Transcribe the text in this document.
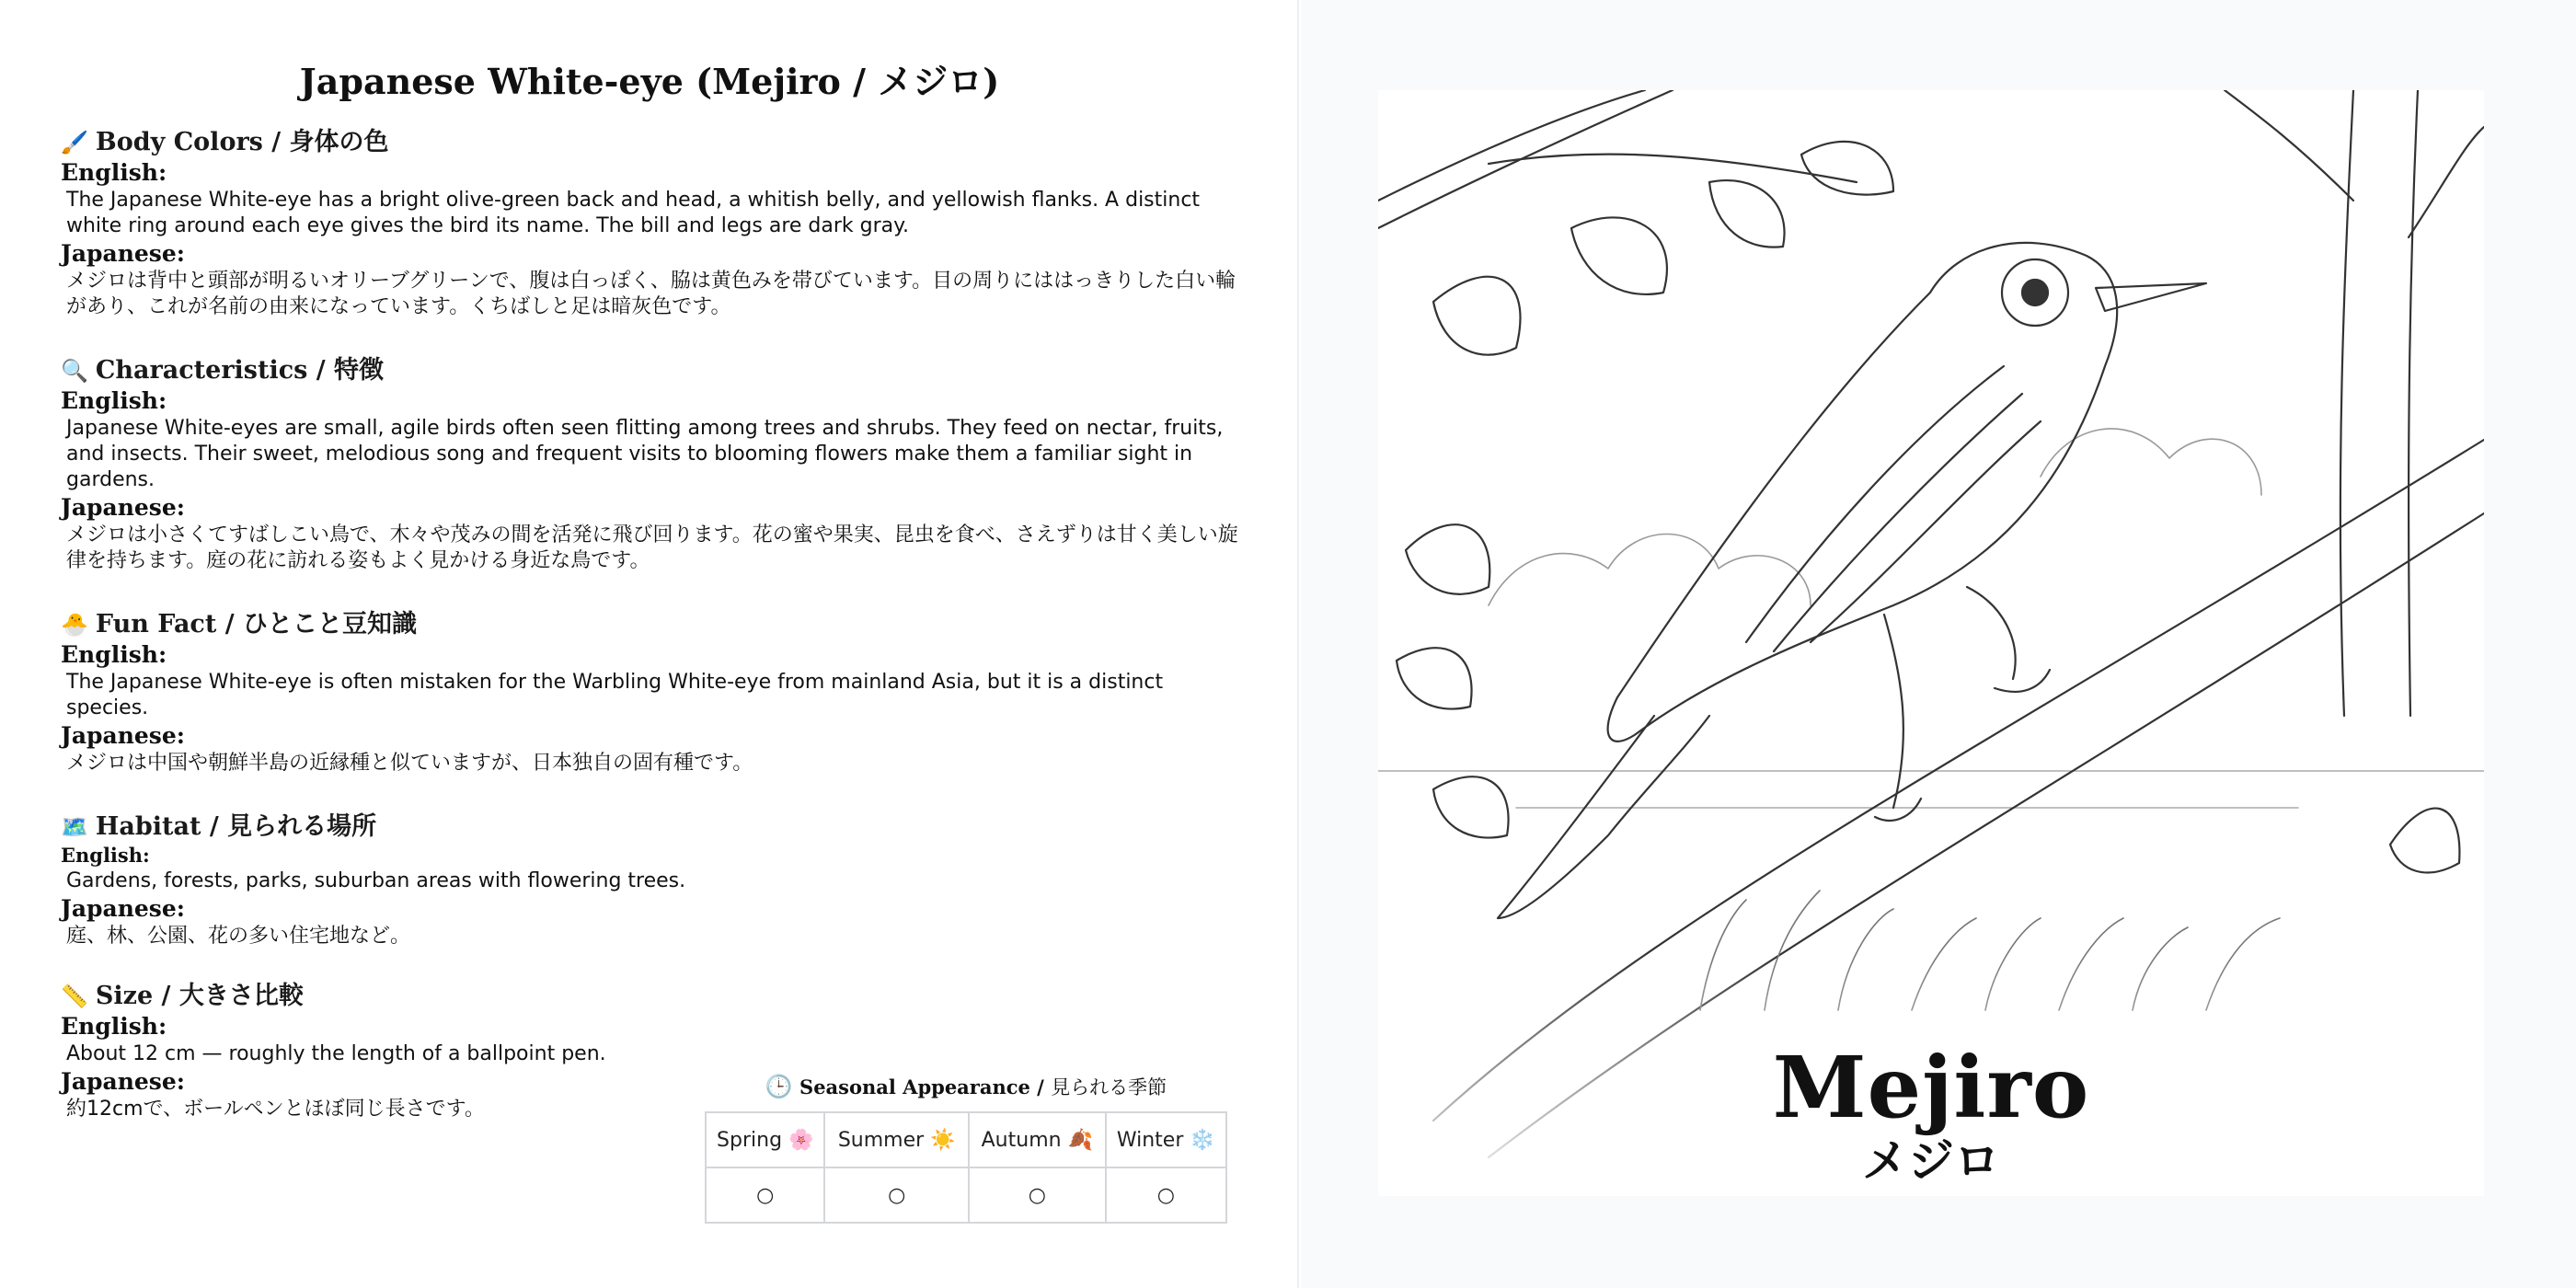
Japanese White-eye (Mejiro / メジロ)
🖌️ Body Colors / 身体の色
English:

The Japanese White-eye has a bright olive-green back and head, a whitish belly, and yellowish flanks. A distinct white ring around each eye gives the bird its name. The bill and legs are dark gray.

Japanese:

メジロは背中と頭部が明るいオリーブグリーンで、腹は白っぽく、脇は黄色みを帯びています。目の周りにははっきりした白い輪があり、これが名前の由来になっています。くちばしと足は暗灰色です。

🔍 Characteristics / 特徴
English:

Japanese White-eyes are small, agile birds often seen flitting among trees and shrubs. They feed on nectar, fruits, and insects. Their sweet, melodious song and frequent visits to blooming flowers make them a familiar sight in gardens.

Japanese:

メジロは小さくてすばしこい鳥で、木々や茂みの間を活発に飛び回ります。花の蜜や果実、昆虫を食べ、さえずりは甘く美しい旋律を持ちます。庭の花に訪れる姿もよく見かける身近な鳥です。

🐣 Fun Fact / ひとこと豆知識
English:

The Japanese White-eye is often mistaken for the Warbling White-eye from mainland Asia, but it is a distinct species.

Japanese:

メジロは中国や朝鮮半島の近縁種と似ていますが、日本独自の固有種です。

🗺️ Habitat / 見られる場所
English:

Gardens, forests, parks, suburban areas with flowering trees.

Japanese:

庭、林、公園、花の多い住宅地など。

📏 Size / 大きさ比較
English:

About 12 cm — roughly the length of a ballpoint pen.

Japanese:

約12cmで、ボールペンとほぼ同じ長さです。

🕒 Seasonal Appearance / 見られる季節
Spring 🌸	Summer ☀️	Autumn 🍂	Winter ❄️
○	○	○	○
Mejiro
メジロ
